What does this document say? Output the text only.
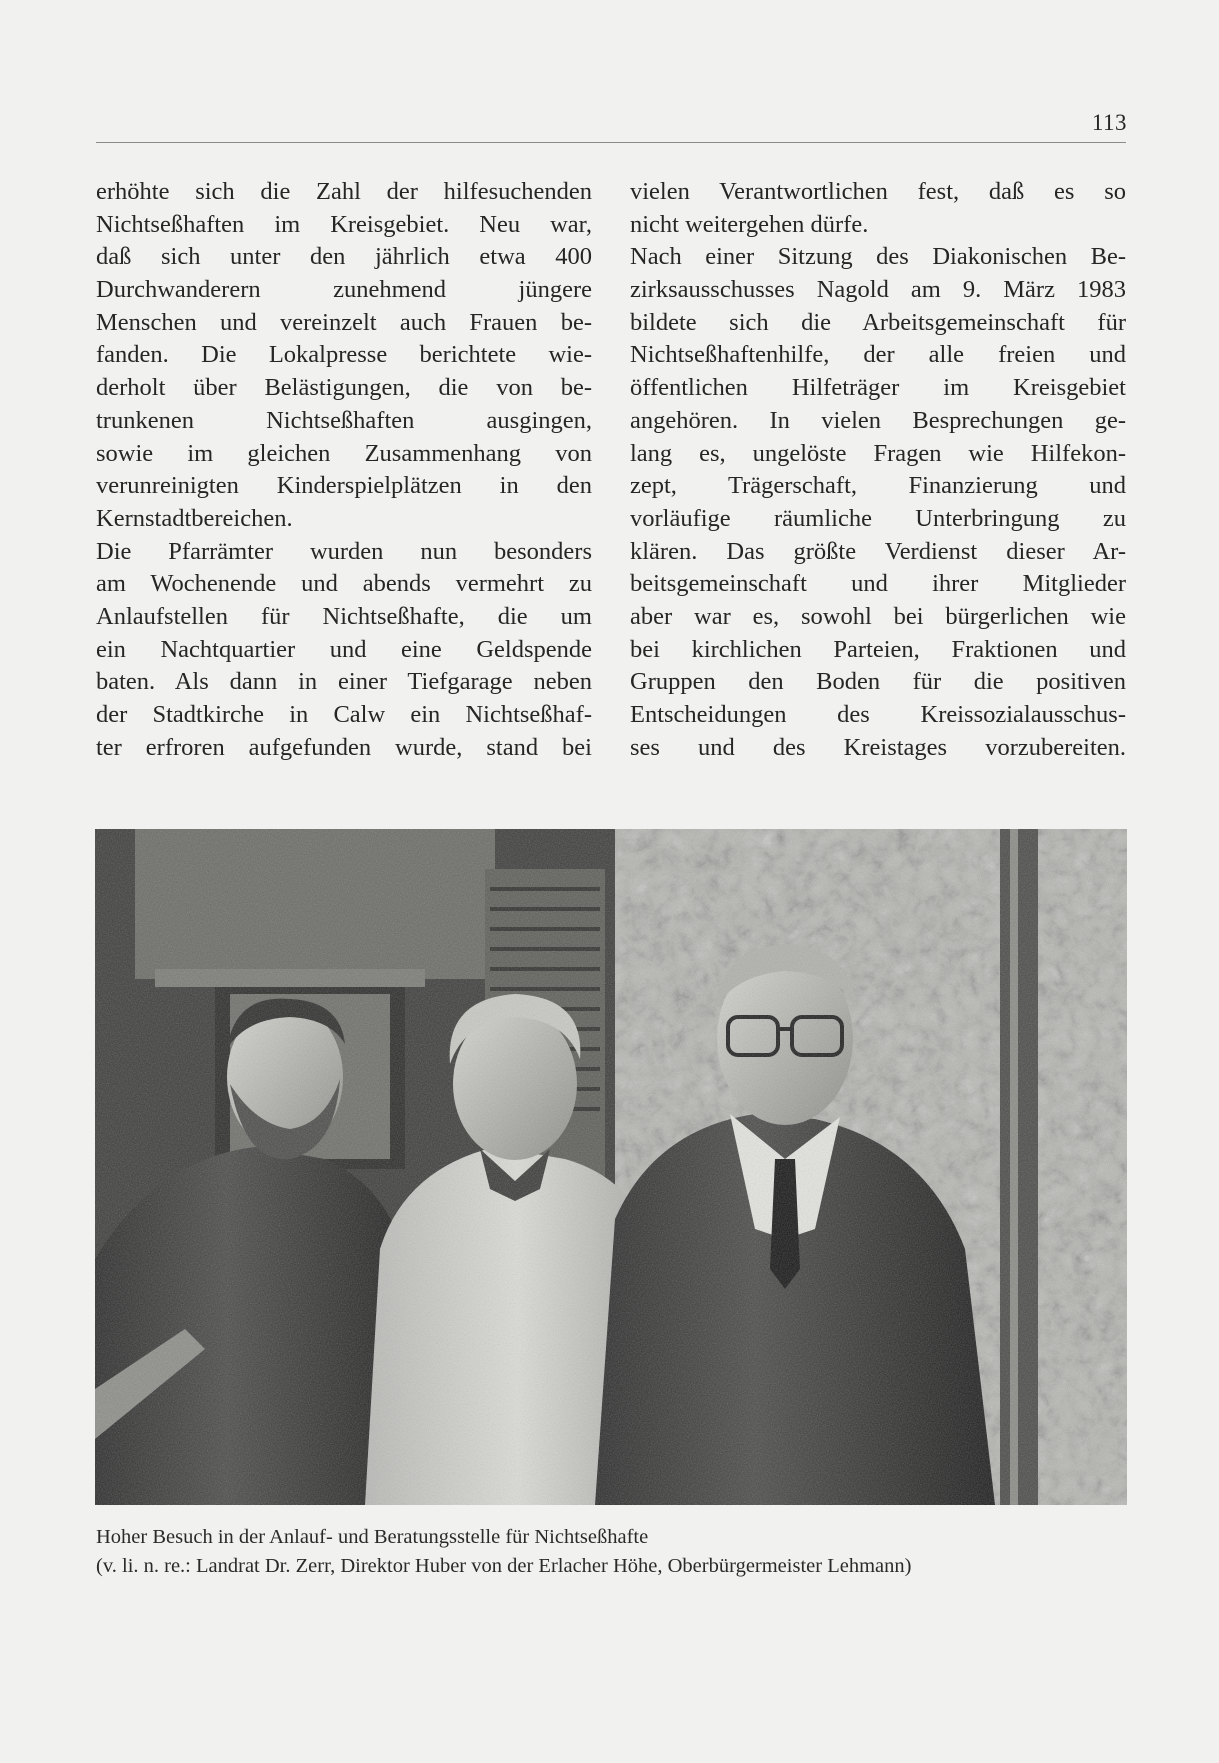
113
erhöhte sich die Zahl der hilfesuchenden
Nichtseßhaften im Kreisgebiet. Neu war,
daß sich unter den jährlich etwa 400
Durchwanderern zunehmend jüngere
Menschen und vereinzelt auch Frauen be-
fanden. Die Lokalpresse berichtete wie-
derholt über Belästigungen, die von be-
trunkenen Nichtseßhaften ausgingen,
sowie im gleichen Zusammenhang von
verunreinigten Kinderspielplätzen in den
Kernstadtbereichen.
Die Pfarrämter wurden nun besonders
am Wochenende und abends vermehrt zu
Anlaufstellen für Nichtseßhafte, die um
ein Nachtquartier und eine Geldspende
baten. Als dann in einer Tiefgarage neben
der Stadtkirche in Calw ein Nichtseßhaf-
ter erfroren aufgefunden wurde, stand bei
vielen Verantwortlichen fest, daß es so
nicht weitergehen dürfe.
Nach einer Sitzung des Diakonischen Be-
zirksausschusses Nagold am 9. März 1983
bildete sich die Arbeitsgemeinschaft für
Nichtseßhaftenhilfe, der alle freien und
öffentlichen Hilfeträger im Kreisgebiet
angehören. In vielen Besprechungen ge-
lang es, ungelöste Fragen wie Hilfekon-
zept, Trägerschaft, Finanzierung und
vorläufige räumliche Unterbringung zu
klären. Das größte Verdienst dieser Ar-
beitsgemeinschaft und ihrer Mitglieder
aber war es, sowohl bei bürgerlichen wie
bei kirchlichen Parteien, Fraktionen und
Gruppen den Boden für die positiven
Entscheidungen des Kreissozialausschus-
ses und des Kreistages vorzubereiten.
Hoher Besuch in der Anlauf- und Beratungsstelle für Nichtseßhafte
(v. li. n. re.: Landrat Dr. Zerr, Direktor Huber von der Erlacher Höhe, Oberbürgermeister Lehmann)
